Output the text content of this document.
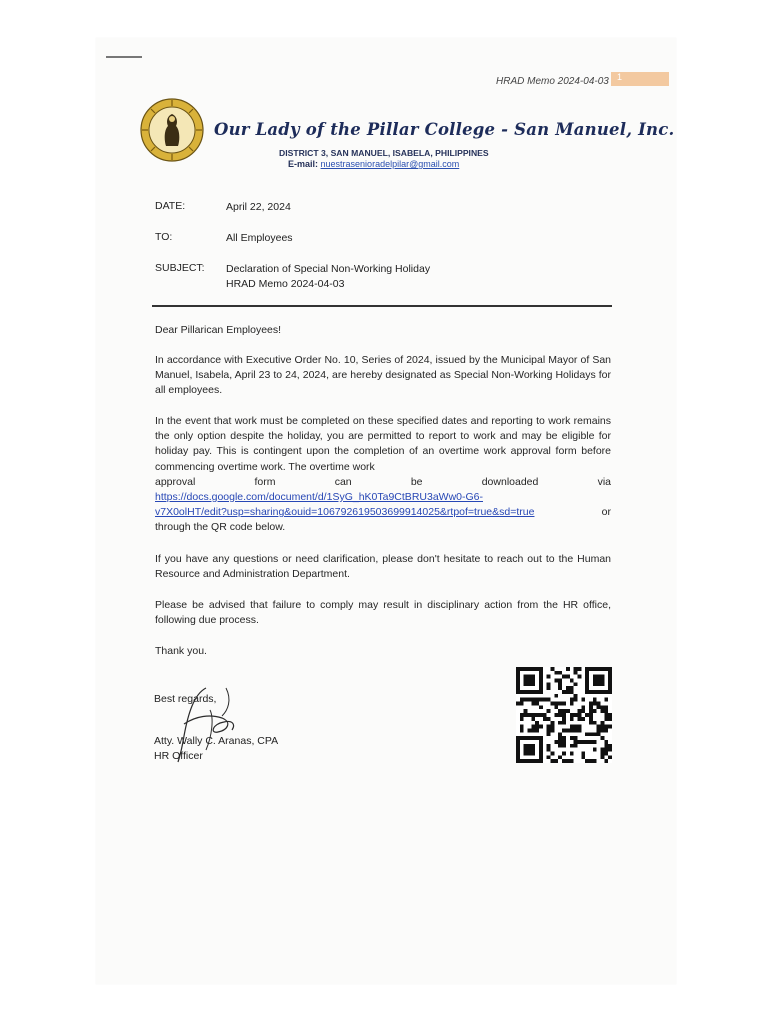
HRAD Memo 2024-04-03 1
Our Lady of the Pillar College - San Manuel, Inc.
DISTRICT 3, SAN MANUEL, ISABELA, PHILIPPINES
E-mail: nuestrasenioradelpilar@gmail.com
DATE:	April 22, 2024
TO:	All Employees
SUBJECT: Declaration of Special Non-Working Holiday
HRAD Memo 2024-04-03
Dear Pillarican Employees!
In accordance with Executive Order No. 10, Series of 2024, issued by the Municipal Mayor of San Manuel, Isabela, April 23 to 24, 2024, are hereby designated as Special Non-Working Holidays for all employees.
In the event that work must be completed on these specified dates and reporting to work remains the only option despite the holiday, you are permitted to report to work and may be eligible for holiday pay. This is contingent upon the completion of an overtime work approval form before commencing overtime work. The overtime work
approval	form	can	be	downloaded	via
https://docs.google.com/document/d/1SyG_hK0Ta9CtBRU3aWw0-G6-
v7X0olHT/edit?usp=sharing&ouid=106792619503699914025&rtpof=true&sd=true	or
through the QR code below.
If you have any questions or need clarification, please don't hesitate to reach out to the Human Resource and Administration Department.
Please be advised that failure to comply may result in disciplinary action from the HR office, following due process.
Thank you.
Best regards,
Atty. Wally C. Aranas, CPA
HR Officer
